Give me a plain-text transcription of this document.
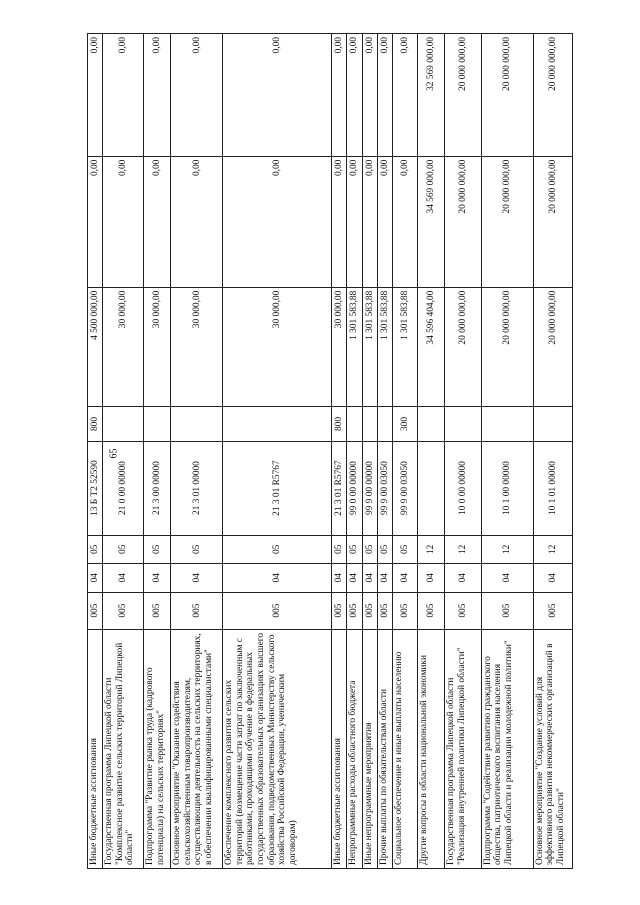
65
Иные бюджетные ассигнования	005	04	05	13 Б Т2 52590	800	4 500 000,00	0,00	0,00
Государственная программа Липецкой области "Комплексное развитие сельских территорий Липецкой области"	005	04	05	21 0 00 00000		30 000,00	0,00	0,00
Подпрограмма "Развитие рынка труда (кадрового потенциала) на сельских территориях"	005	04	05	21 3 00 00000		30 000,00	0,00	0,00
Основное мероприятие "Оказание содействия сельскохозяйственным товаропроизводителям, осуществляющим деятельность на сельских территориях, в обеспечении квалифицированными специалистами"	005	04	05	21 3 01 00000		30 000,00	0,00	0,00
Обеспечение комплексного развития сельских территорий (возмещение части затрат по заключенным с работниками, проходящими обучение в федеральных государственных образовательных организациях высшего образования, подведомственных Министерству сельского хозяйства Российской Федерации, ученическим договорам)	005	04	05	21 3 01 R5767		30 000,00	0,00	0,00
Иные бюджетные ассигнования	005	04	05	21 3 01 R5767	800	30 000,00	0,00	0,00
Непрограммные расходы областного бюджета	005	04	05	99 0 00 00000		1 301 583,88	0,00	0,00
Иные непрограммные мероприятия	005	04	05	99 9 00 00000		1 301 583,88	0,00	0,00
Прочие выплаты по обязательствам области	005	04	05	99 9 00 03050		1 301 583,88	0,00	0,00
Социальное обеспечение и иные выплаты населению	005	04	05	99 9 00 03050	300	1 301 583,88	0,00	0,00
Другие вопросы в области национальной экономики	005	04	12			34 596 404,00	34 569 000,00	32 569 000,00
Государственная программа Липецкой области "Реализация внутренней политики Липецкой области"	005	04	12	10 0 00 00000		20 000 000,00	20 000 000,00	20 000 000,00
Подпрограмма "Содействие развитию гражданского общества, патриотического воспитания населения Липецкой области и реализации молодежной политики"	005	04	12	10 1 00 00000		20 000 000,00	20 000 000,00	20 000 000,00
Основное мероприятие "Создание условий для эффективного развития некоммерческих организаций в Липецкой области"	005	04	12	10 1 01 00000		20 000 000,00	20 000 000,00	20 000 000,00
